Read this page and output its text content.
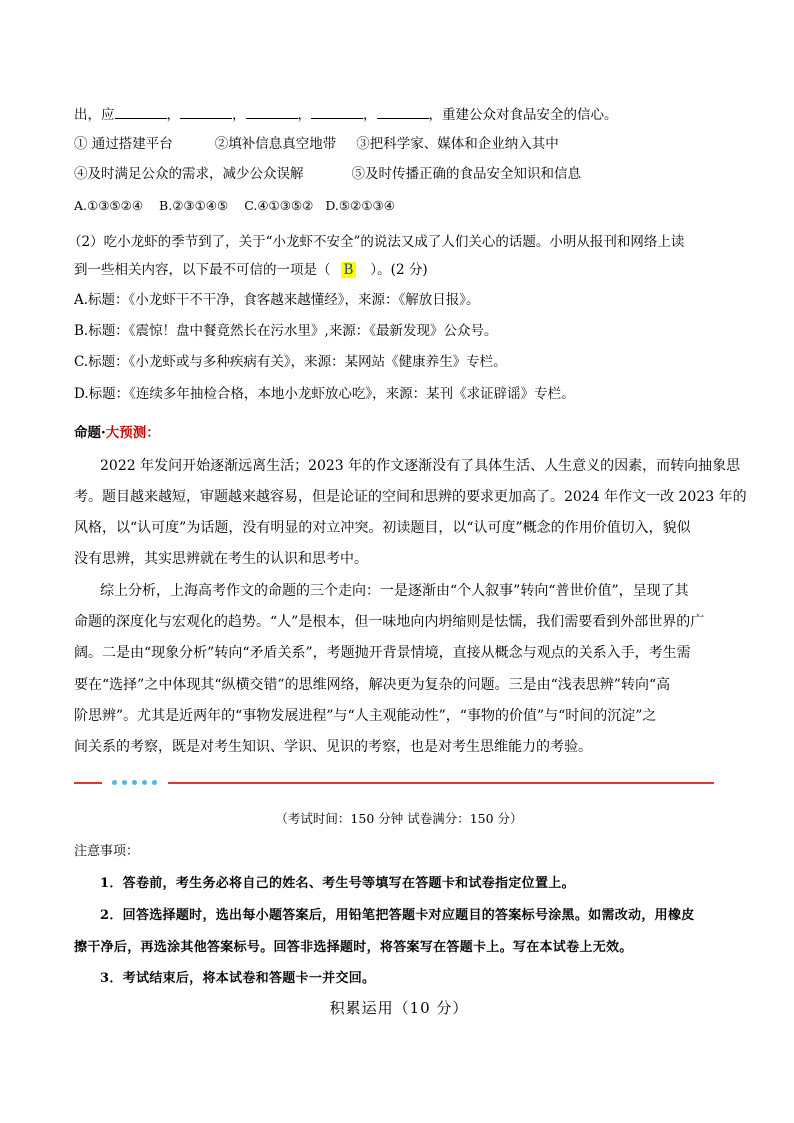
出，应	，	，	，	，	，重建公众对食品安全的信心。
① 通过搭建平台	②填补信息真空地带 ③把科学家、媒体和企业纳入其中
④及时满足公众的需求，减少公众误解	⑤及时传播正确的食品安全知识和信息
A.①③⑤②④ B.②③①④⑤ C.④①③⑤② D.⑤②①③④
（2）吃小龙虾的季节到了，关于“小龙虾不安全”的说法又成了人们关心的话题。小明从报刊和网络上读
到一些相关内容，以下最不可信的一项是（ B ）。(2 分)
A.标题：《小龙虾干不干净，食客越来越懂经》，来源：《解放日报》。
B.标题：《震惊！盘中餐竟然长在污水里》,来源：《最新发现》公众号。
C.标题：《小龙虾或与多种疾病有关》，来源：某网站《健康养生》专栏。
D.标题：《连续多年抽检合格，本地小龙虾放心吃》，来源：某刊《求证辟谣》专栏。
命题·大预测：
2022 年发问开始逐渐远离生活；2023 年的作文逐渐没有了具体生活、人生意义的因素，而转向抽象思
考。题目越来越短，审题越来越容易，但是论证的空间和思辨的要求更加高了。2024 年作文一改 2023 年的
风格，以“认可度”为话题，没有明显的对立冲突。初读题目，以“认可度”概念的作用价值切入，貌似
没有思辨，其实思辨就在考生的认识和思考中。
综上分析，上海高考作文的命题的三个走向：一是逐渐由“个人叙事”转向“普世价值”，呈现了其
命题的深度化与宏观化的趋势。“人”是根本，但一味地向内坍缩则是怯懦，我们需要看到外部世界的广
阔。二是由“现象分析”转向“矛盾关系”，考题抛开背景情境，直接从概念与观点的关系入手，考生需
要在“选择”之中体现其“纵横交错”的思维网络，解决更为复杂的问题。三是由“浅表思辨”转向“高
阶思辨”。尤其是近两年的“事物发展进程”与“人主观能动性”，“事物的价值”与“时间的沉淀”之
间关系的考察，既是对考生知识、学识、见识的考察，也是对考生思维能力的考验。
（考试时间：150 分钟 试卷满分：150 分）
注意事项：
1．答卷前，考生务必将自己的姓名、考生号等填写在答题卡和试卷指定位置上。
2．回答选择题时，选出每小题答案后，用铅笔把答题卡对应题目的答案标号涂黑。如需改动，用橡皮
擦干净后，再选涂其他答案标号。回答非选择题时，将答案写在答题卡上。写在本试卷上无效。
3．考试结束后，将本试卷和答题卡一并交回。
积累运用（10 分）
